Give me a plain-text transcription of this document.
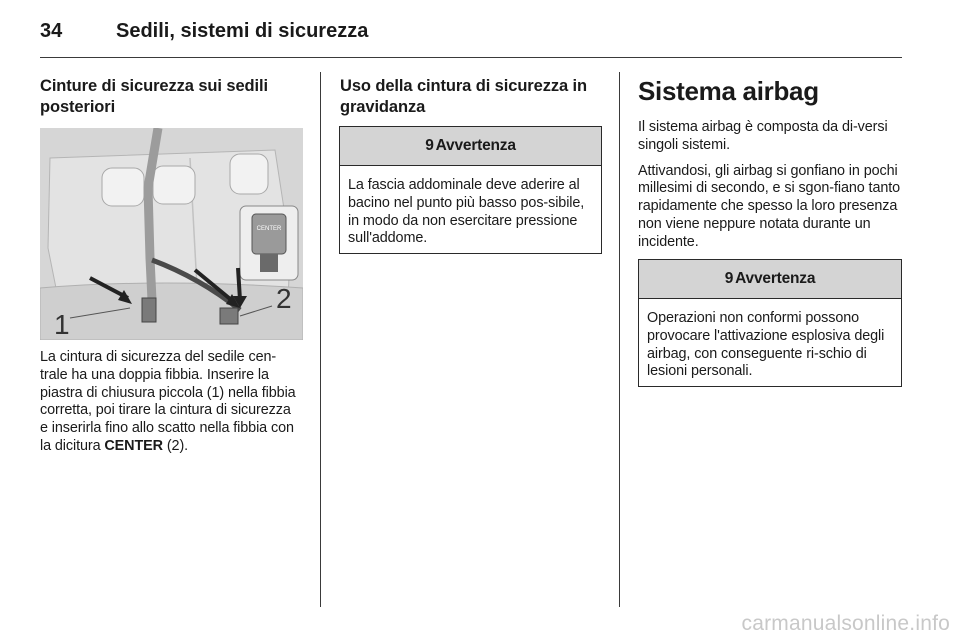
34	Sedili, sistemi di sicurezza
Cinture di sicurezza sui sedili posteriori
CENTER
1
2

La cintura di sicurezza del sedile cen-trale ha una doppia fibbia. Inserire la piastra di chiusura piccola (1) nella fibbia corretta, poi tirare la cintura di sicurezza e inserirla fino allo scatto nella fibbia con la dicitura CENTER (2).

Uso della cintura di sicurezza in gravidanza
9 Avvertenza
La fascia addominale deve aderire al bacino nel punto più basso pos-sibile, in modo da non esercitare pressione sull'addome.
Sistema airbag

Il sistema airbag è composta da di-versi singoli sistemi.

Attivandosi, gli airbag si gonfiano in pochi millesimi di secondo, e si sgon-fiano tanto rapidamente che spesso la loro presenza non viene neppure notata durante un incidente.

9 Avvertenza
Operazioni non conformi possono provocare l'attivazione esplosiva degli airbag, con conseguente ri-schio di lesioni personali.
carmanualsonline.info
